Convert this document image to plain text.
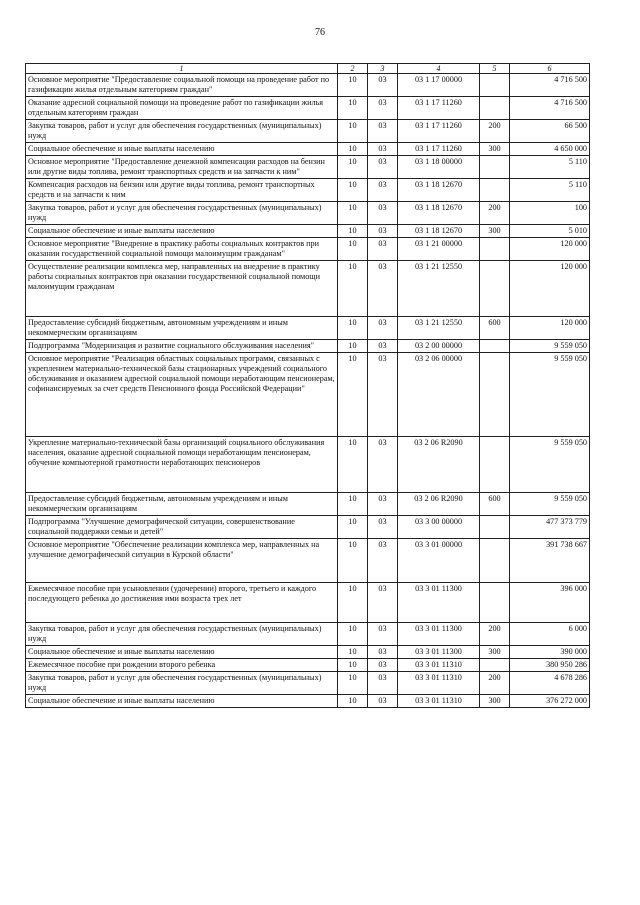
76
1	2	3	4	5	6
Основное мероприятие "Предоставление социальной помощи на проведение работ по газификации жилья отдельным категориям граждан"	10	03	03 1 17 00000		4 716 500
Оказание адресной социальной помощи на проведение работ по газификации жилья отдельным категориям граждан	10	03	03 1 17 11260		4 716 500
Закупка товаров, работ и услуг для обеспечения государственных (муниципальных) нужд	10	03	03 1 17 11260	200	66 500
Социальное обеспечение и иные выплаты населению	10	03	03 1 17 11260	300	4 650 000
Основное мероприятие "Предоставление денежной компенсации расходов на бензин или другие виды топлива, ремонт транспортных средств и на запчасти к ним"	10	03	03 1 18 00000		5 110
Компенсация расходов на бензин или другие виды топлива, ремонт транспортных средств и на запчасти к ним	10	03	03 1 18 12670		5 110
Закупка товаров, работ и услуг для обеспечения государственных (муниципальных) нужд	10	03	03 1 18 12670	200	100
Социальное обеспечение и иные выплаты населению	10	03	03 1 18 12670	300	5 010
Основное мероприятие "Внедрение в практику работы социальных контрактов при оказании государственной социальной помощи малоимущим гражданам"	10	03	03 1 21 00000		120 000
Осуществление реализации комплекса мер, направленных на внедрение в практику работы социальных контрактов при оказании государственной социальной помощи малоимущим гражданам	10	03	03 1 21 12550		120 000
Предоставление субсидий бюджетным, автономным учреждениям и иным некоммерческим организациям	10	03	03 1 21 12550	600	120 000
Подпрограмма "Модернизация и развитие социального обслуживания населения"	10	03	03 2 00 00000		9 559 050
Основное мероприятие "Реализация областных социальных программ, связанных с укреплением материально-технической базы стационарных учреждений социального обслуживания и оказанием адресной социальной помощи неработающим пенсионерам, софинансируемых за счет средств Пенсионного фонда Российской Федерации"	10	03	03 2 06 00000		9 559 050
Укрепление материально-технической базы организаций социального обслуживания населения, оказание адресной социальной помощи неработающим пенсионерам, обучение компьютерной грамотности неработающих пенсионеров	10	03	03 2 06 R2090		9 559 050
Предоставление субсидий бюджетным, автономным учреждениям и иным некоммерческим организациям	10	03	03 2 06 R2090	600	9 559 050
Подпрограмма "Улучшение демографической ситуации, совершенствование социальной поддержки семьи и детей"	10	03	03 3 00 00000		477 373 779
Основное мероприятие "Обеспечение реализации комплекса мер, направленных на улучшение демографической ситуации в Курской области"	10	03	03 3 01 00000		391 738 667
Ежемесячное пособие при усыновлении (удочерении) второго, третьего и каждого последующего ребенка до достижения ими возраста трех лет	10	03	03 3 01 11300		396 000
Закупка товаров, работ и услуг для обеспечения государственных (муниципальных) нужд	10	03	03 3 01 11300	200	6 000
Социальное обеспечение и иные выплаты населению	10	03	03 3 01 11300	300	390 000
Ежемесячное пособие при рождении второго ребенка	10	03	03 3 01 11310		380 950 286
Закупка товаров, работ и услуг для обеспечения государственных (муниципальных) нужд	10	03	03 3 01 11310	200	4 678 286
Социальное обеспечение и иные выплаты населению	10	03	03 3 01 11310	300	376 272 000
